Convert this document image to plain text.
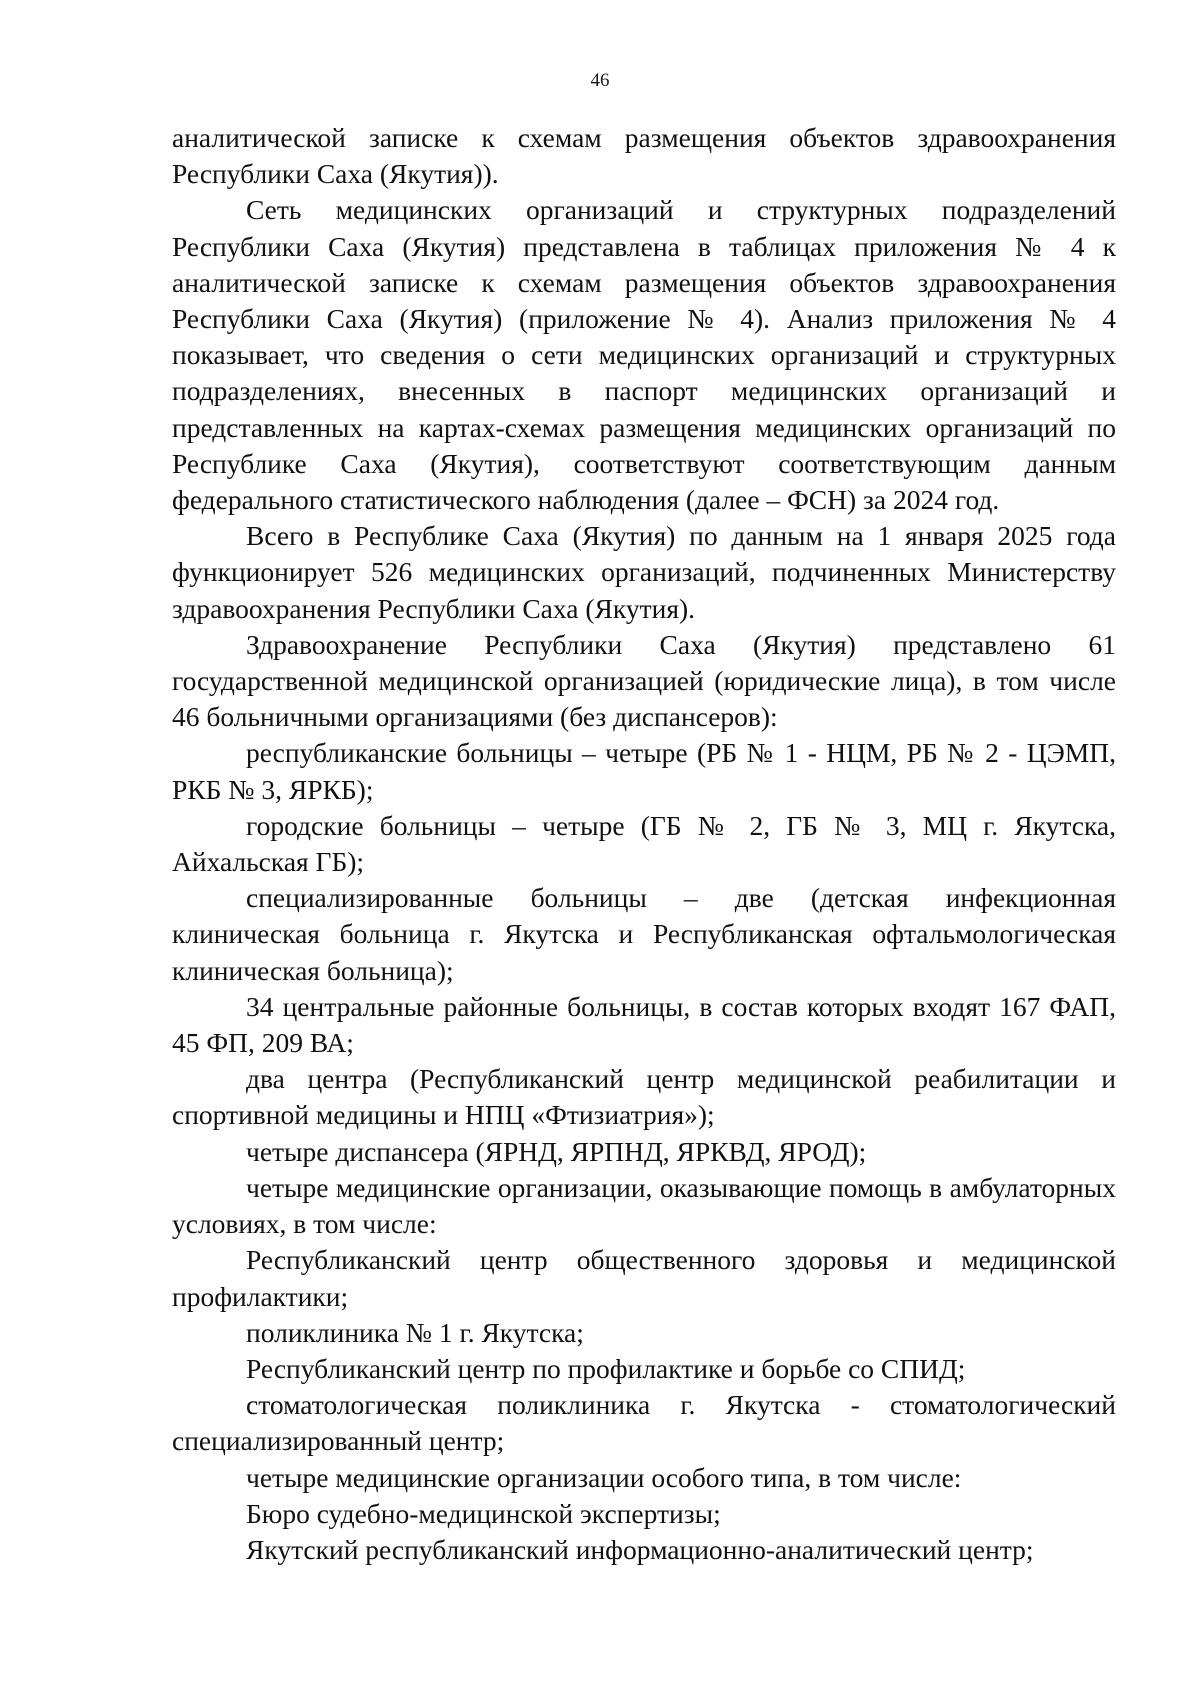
46

аналитической записке к схемам размещения объектов здравоохранения Республики Саха (Якутия)).

Сеть медицинских организаций и структурных подразделений Республики Саха (Якутия) представлена в таблицах приложения № 4 к аналитической записке к схемам размещения объектов здравоохранения Республики Саха (Якутия) (приложение № 4). Анализ приложения № 4 показывает, что сведения о сети медицинских организаций и структурных подразделениях, внесенных в паспорт медицинских организаций и представленных на картах-схемах размещения медицинских организаций по Республике Саха (Якутия), соответствуют соответствующим данным федерального статистического наблюдения (далее – ФСН) за 2024 год.

Всего в Республике Саха (Якутия) по данным на 1 января 2025 года функционирует 526 медицинских организаций, подчиненных Министерству здравоохранения Республики Саха (Якутия).

Здравоохранение Республики Саха (Якутия) представлено 61 государственной медицинской организацией (юридические лица), в том числе 46 больничными организациями (без диспансеров):

республиканские больницы – четыре (РБ № 1 - НЦМ, РБ № 2 - ЦЭМП, РКБ № 3, ЯРКБ);

городские больницы – четыре (ГБ № 2, ГБ № 3, МЦ г. Якутска, Айхальская ГБ);

специализированные больницы – две (детская инфекционная клиническая больница г. Якутска и Республиканская офтальмологическая клиническая больница);

34 центральные районные больницы, в состав которых входят 167 ФАП, 45 ФП, 209 ВА;

два центра (Республиканский центр медицинской реабилитации и спортивной медицины и НПЦ «Фтизиатрия»);

четыре диспансера (ЯРНД, ЯРПНД, ЯРКВД, ЯРОД);

четыре медицинские организации, оказывающие помощь в амбулаторных условиях, в том числе:

Республиканский центр общественного здоровья и медицинской профилактики;

поликлиника № 1 г. Якутска;

Республиканский центр по профилактике и борьбе со СПИД;

стоматологическая поликлиника г. Якутска - стоматологический специализированный центр;

четыре медицинские организации особого типа, в том числе:

Бюро судебно-медицинской экспертизы;

Якутский республиканский информационно-аналитический центр;
